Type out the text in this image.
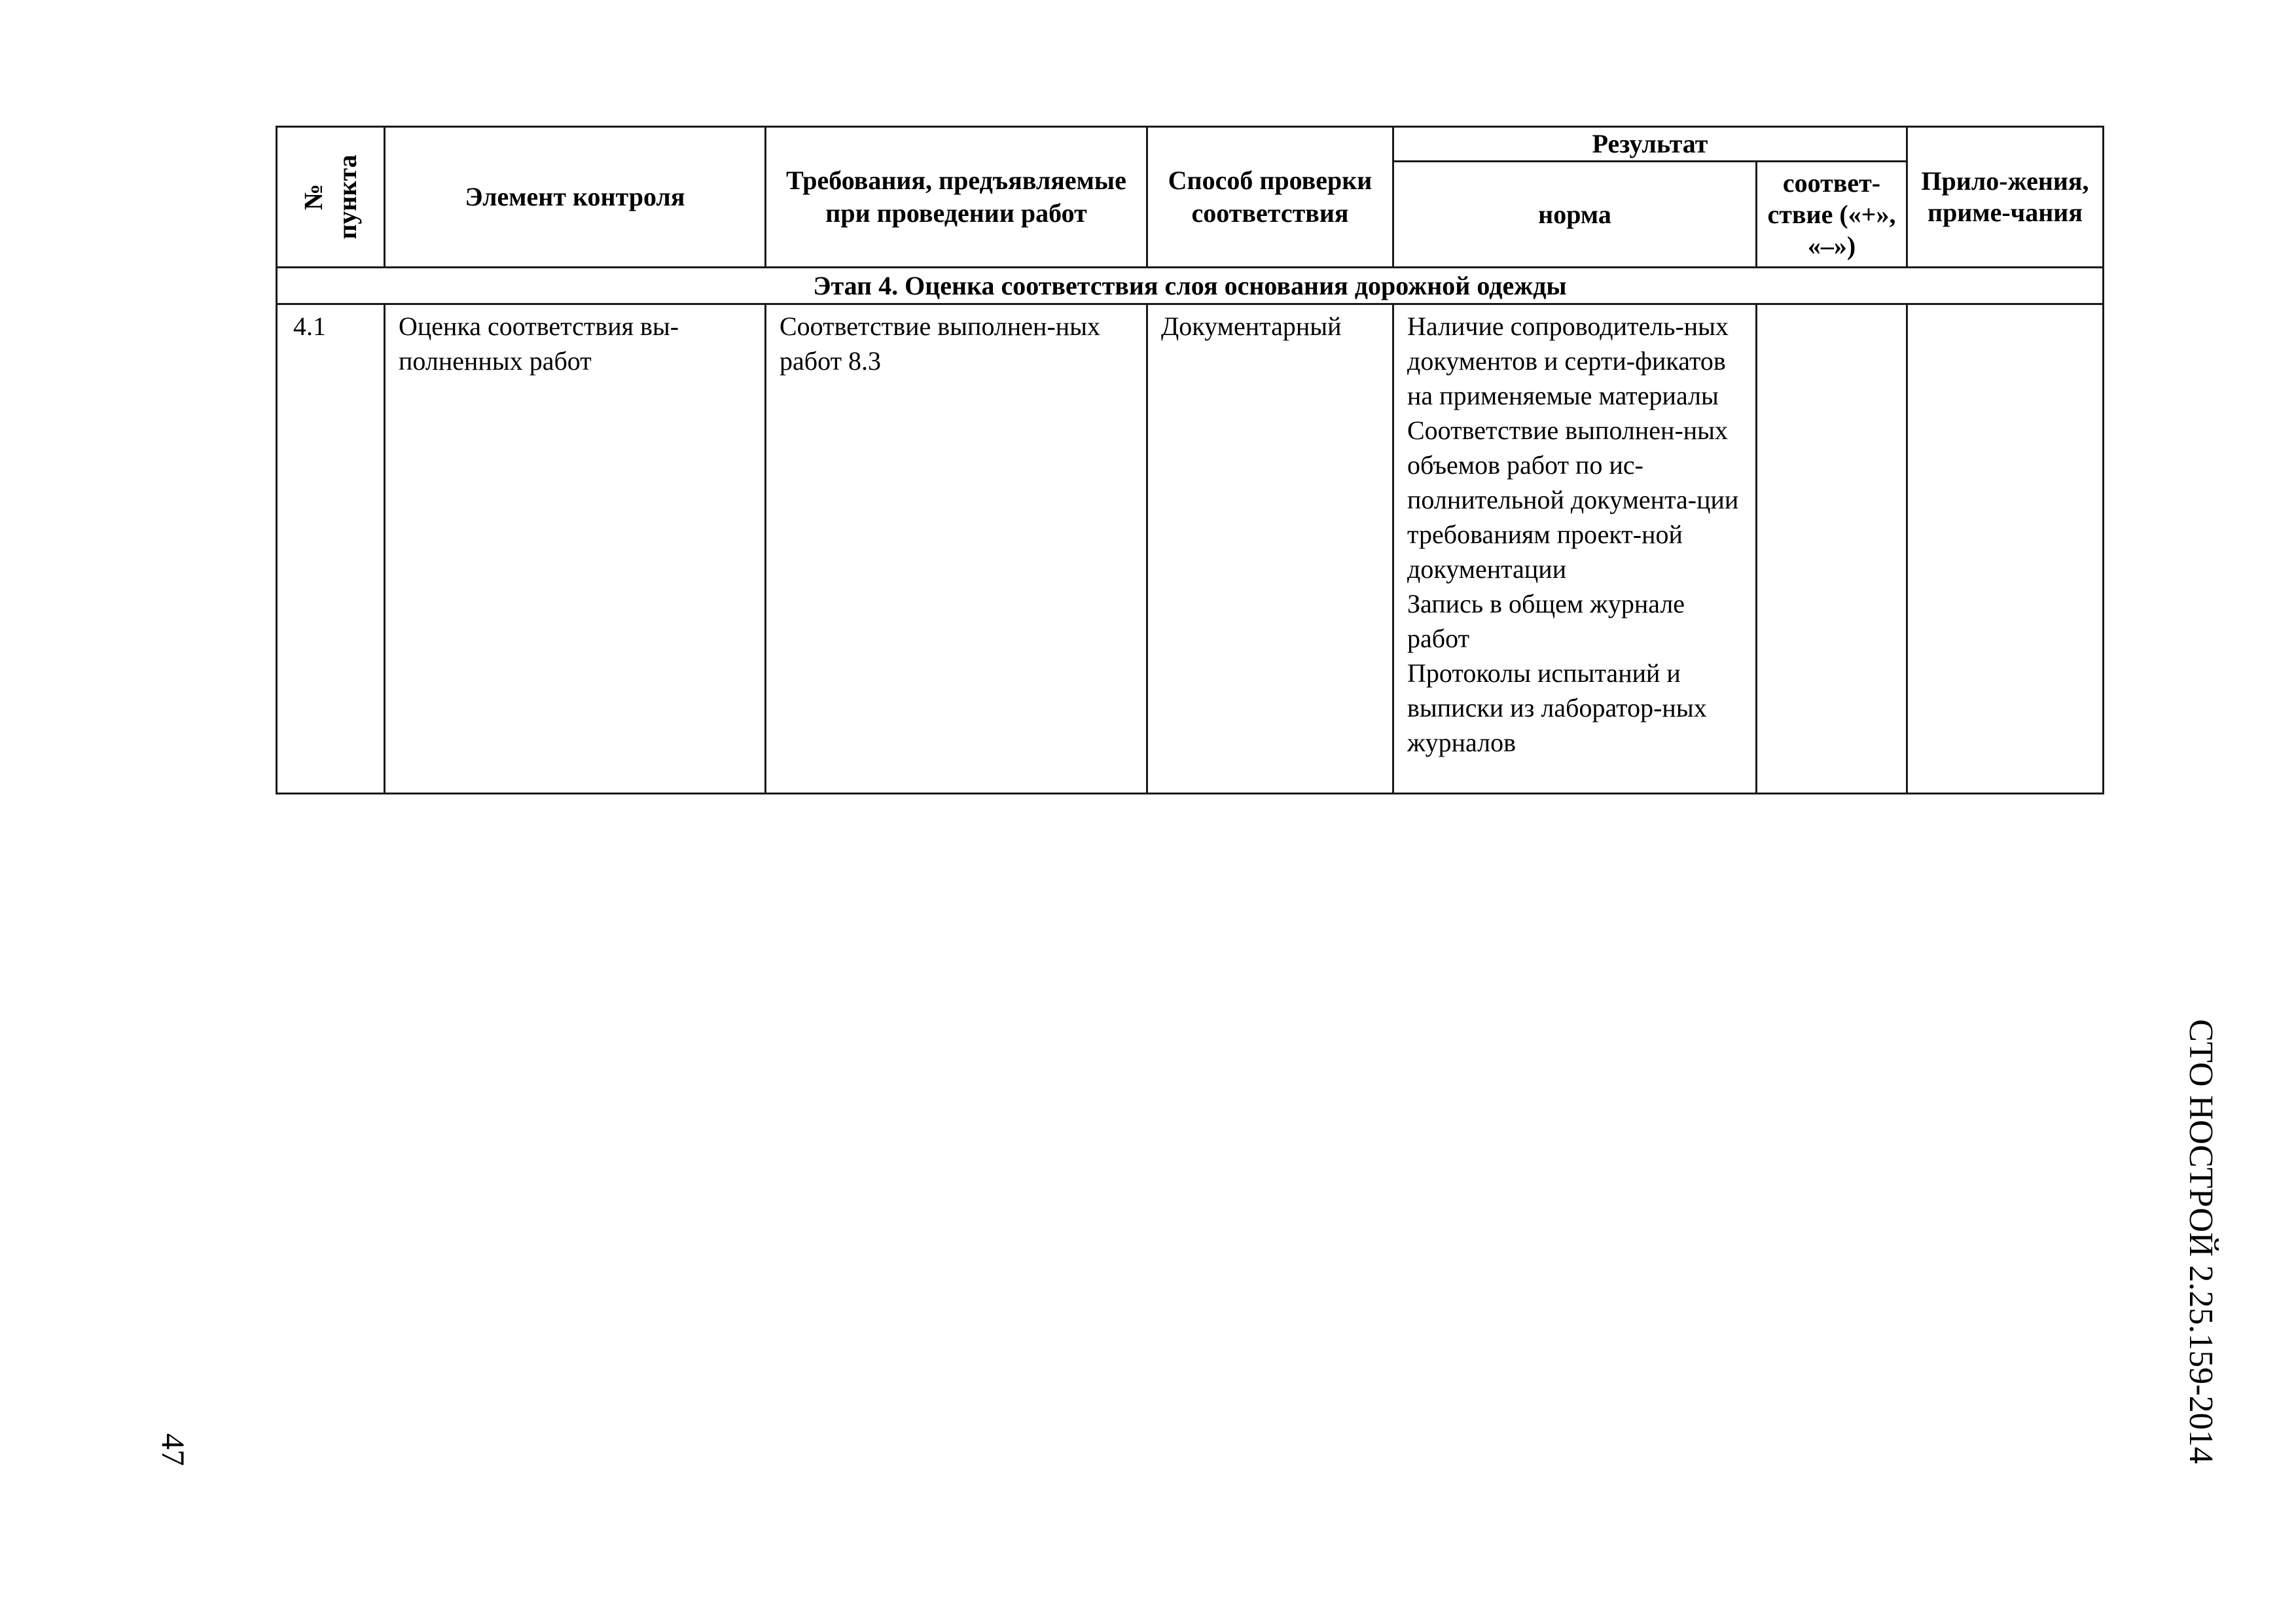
№ пункта	Элемент контроля	Требования, предъявляемые при проведении работ	Способ проверки соответствия	Результат		Прило-жения, приме-чания
				норма	соответ-ствие («+», «–»)	
Этап 4. Оценка соответствия слоя основания дорожной одежды						
4.1	Оценка соответствия вы-полненных работ	Соответствие выполнен-ных работ 8.3	Документарный	Наличие сопроводитель-ных документов и серти-фикатов на применяемые материалы
Соответствие выполнен-ных объемов работ по ис-полнительной документа-ции требованиям проект-ной документации
Запись в общем журнале работ
Протоколы испытаний и выписки из лаборатор-ных журналов		

47	СТО НОСТРОЙ 2.25.159-2014
